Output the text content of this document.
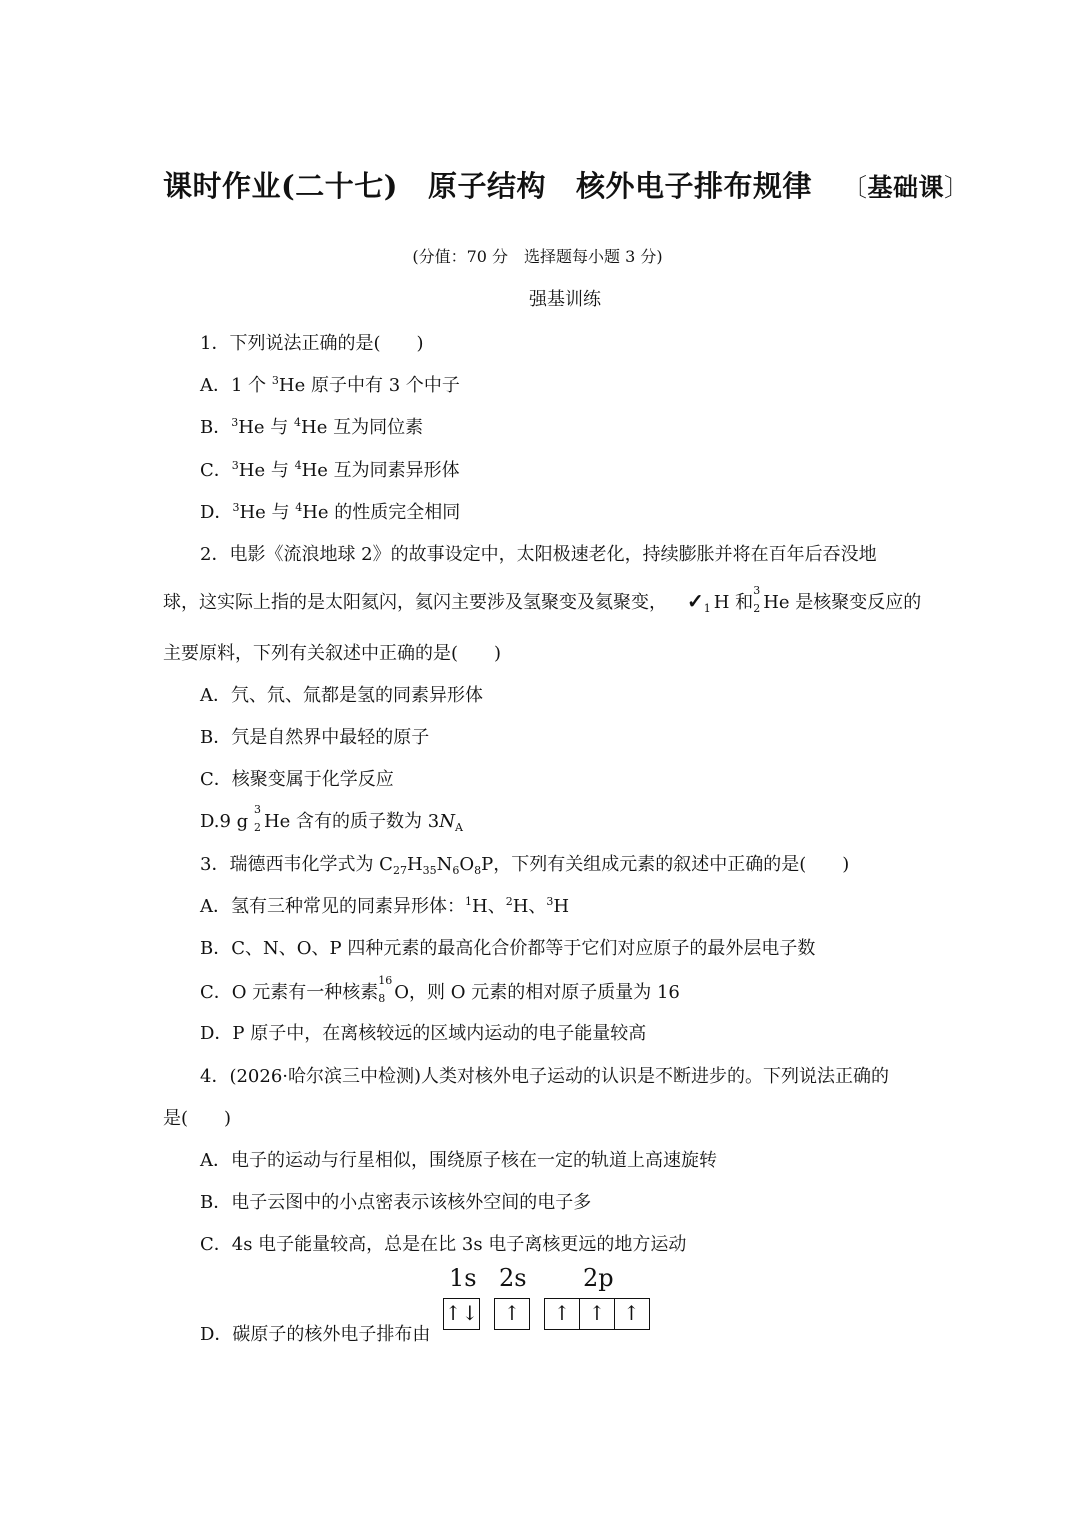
课时作业(二十七) 原子结构 核外电子排布规律 〔基础课〕
(分值：70 分　选择题每小题 3 分)
强基训练
1．下列说法正确的是(　　)
A．1 个 $^3$He 原子中有 3 个中子
B．$^3$He 与 $^4$He 互为同位素
C．$^3$He 与 $^4$He 互为同素异形体
D．$^3$He 与 $^4$He 的性质完全相同
2．电影《流浪地球 2》的故事设定中，太阳极速老化，持续膨胀并将在百年后吞没地
球，这实际上指的是太阳氦闪，氦闪主要涉及氢聚变及氦聚变， ✓ 1 H 和
3
2 He 是核聚变反应的
主要原料，下列有关叙述中正确的是(　　)
A．氕、氘、氚都是氢的同素异形体
B．氕是自然界中最轻的原子
C．核聚变属于化学反应
D.9 g
3
2 He 含有的质子数为 $3N_A$
3．瑞德西韦化学式为 $C_{27}H_{35}N_6O_8P$，下列有关组成元素的叙述中正确的是(　　)
A．氢有三种常见的同素异形体：$^1$H、$^2$H、$^3$H
B．C、N、O、P 四种元素的最高化合价都等于它们对应原子的最外层电子数
C．O 元素有一种核素
16
8 O，则 O 元素的相对原子质量为 16
D．P 原子中，在离核较远的区域内运动的电子能量较高
4．(2026·哈尔滨三中检测)人类对核外电子运动的认识是不断进步的。下列说法正确的
是(　　)
A．电子的运动与行星相似，围绕原子核在一定的轨道上高速旋转
B．电子云图中的小点密表示该核外空间的电子多
C．4s 电子能量较高，总是在比 3s 电子离核更远的地方运动
D．碳原子的核外电子排布由
1s 2s 2p
↑↓	↑	↑ ↑ ↑
